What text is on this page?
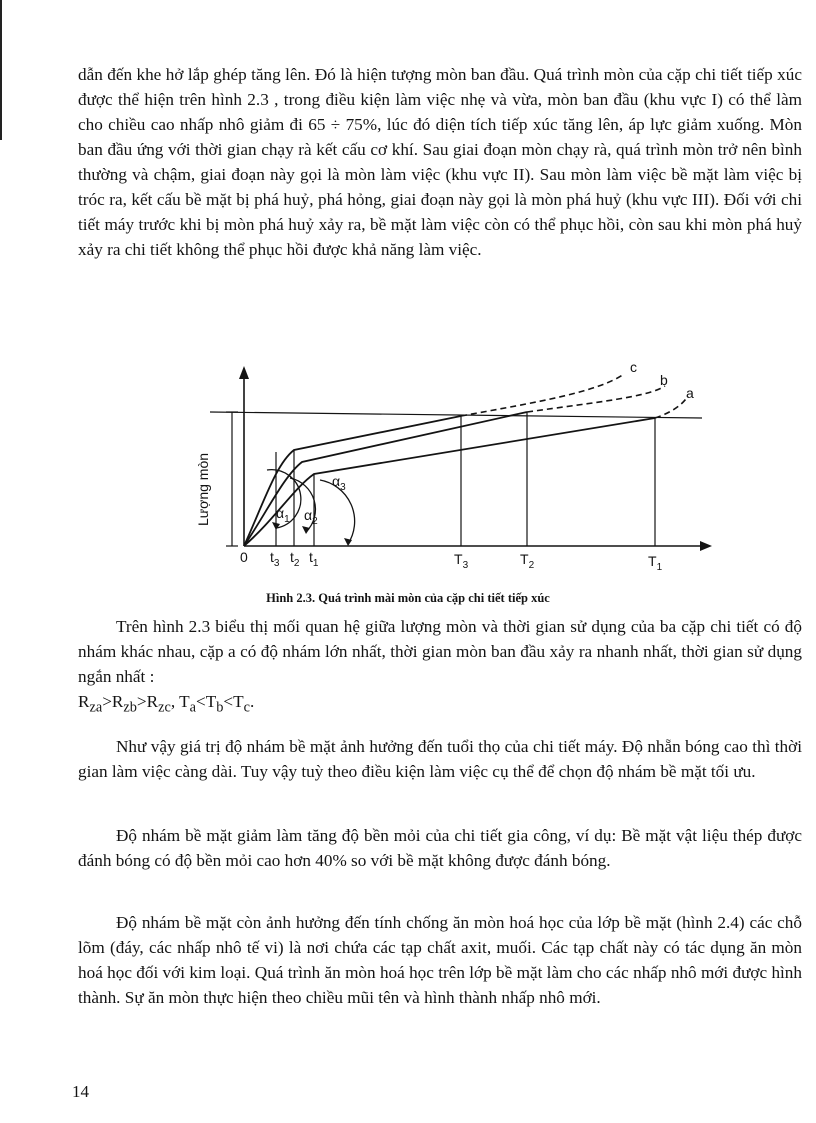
dẫn đến khe hở lắp ghép tăng lên. Đó là hiện tượng mòn ban đầu. Quá trình mòn của cặp chi tiết tiếp xúc được thể hiện trên hình 2.3 , trong điều kiện làm việc nhẹ và vừa, mòn ban đầu (khu vực I) có thể làm cho chiều cao nhấp nhô giảm đi 65 ÷ 75%, lúc đó diện tích tiếp xúc tăng lên, áp lực giảm xuống. Mòn ban đầu ứng với thời gian chạy rà kết cấu cơ khí. Sau giai đoạn mòn chạy rà, quá trình mòn trở nên bình thường và chậm, giai đoạn này gọi là mòn làm việc (khu vực II). Sau mòn làm việc bề mặt làm việc bị tróc ra, kết cấu bề mặt bị phá huỷ, phá hỏng, giai đoạn này gọi là mòn phá huỷ (khu vực III). Đối với chi tiết máy trước khi bị mòn phá huỷ xảy ra, bề mặt làm việc còn có thể phục hồi, còn sau khi mòn phá huỷ xảy ra chi tiết không thể phục hồi được khả năng làm việc.

Lượng mòn
0
c
b
a
$\alpha_1$ $\alpha_2$
$\alpha_3$
$t_3$ $t_2$ $t_1$	$T_3$	$T_2$	$T_1$

Hình 2.3. Quá trình mài mòn của cặp chi tiết tiếp xúc

Trên hình 2.3 biểu thị mối quan hệ giữa lượng mòn và thời gian sử dụng của ba cặp chi tiết có độ nhám khác nhau, cặp a có độ nhám lớn nhất, thời gian mòn ban đầu xảy ra nhanh nhất, thời gian sử dụng ngắn nhất :
$R_{za}>R_{zb}>R_{zc}$, $T_a<T_b<T_c$.

Như vậy giá trị độ nhám bề mặt ảnh hưởng đến tuổi thọ của chi tiết máy. Độ nhẵn bóng cao thì thời gian làm việc càng dài. Tuy vậy tuỳ theo điều kiện làm việc cụ thể để chọn độ nhám bề mặt tối ưu.

Độ nhám bề mặt giảm làm tăng độ bền mỏi của chi tiết gia công, ví dụ: Bề mặt vật liệu thép được đánh bóng có độ bền mỏi cao hơn 40% so với bề mặt không được đánh bóng.

Độ nhám bề mặt còn ảnh hưởng đến tính chống ăn mòn hoá học của lớp bề mặt (hình 2.4) các chỗ lõm (đáy, các nhấp nhô tế vi) là nơi chứa các tạp chất axit, muối. Các tạp chất này có tác dụng ăn mòn hoá học đối với kim loại. Quá trình ăn mòn hoá học trên lớp bề mặt làm cho các nhấp nhô mới được hình thành. Sự ăn mòn thực hiện theo chiều mũi tên và hình thành nhấp nhô mới.

14
